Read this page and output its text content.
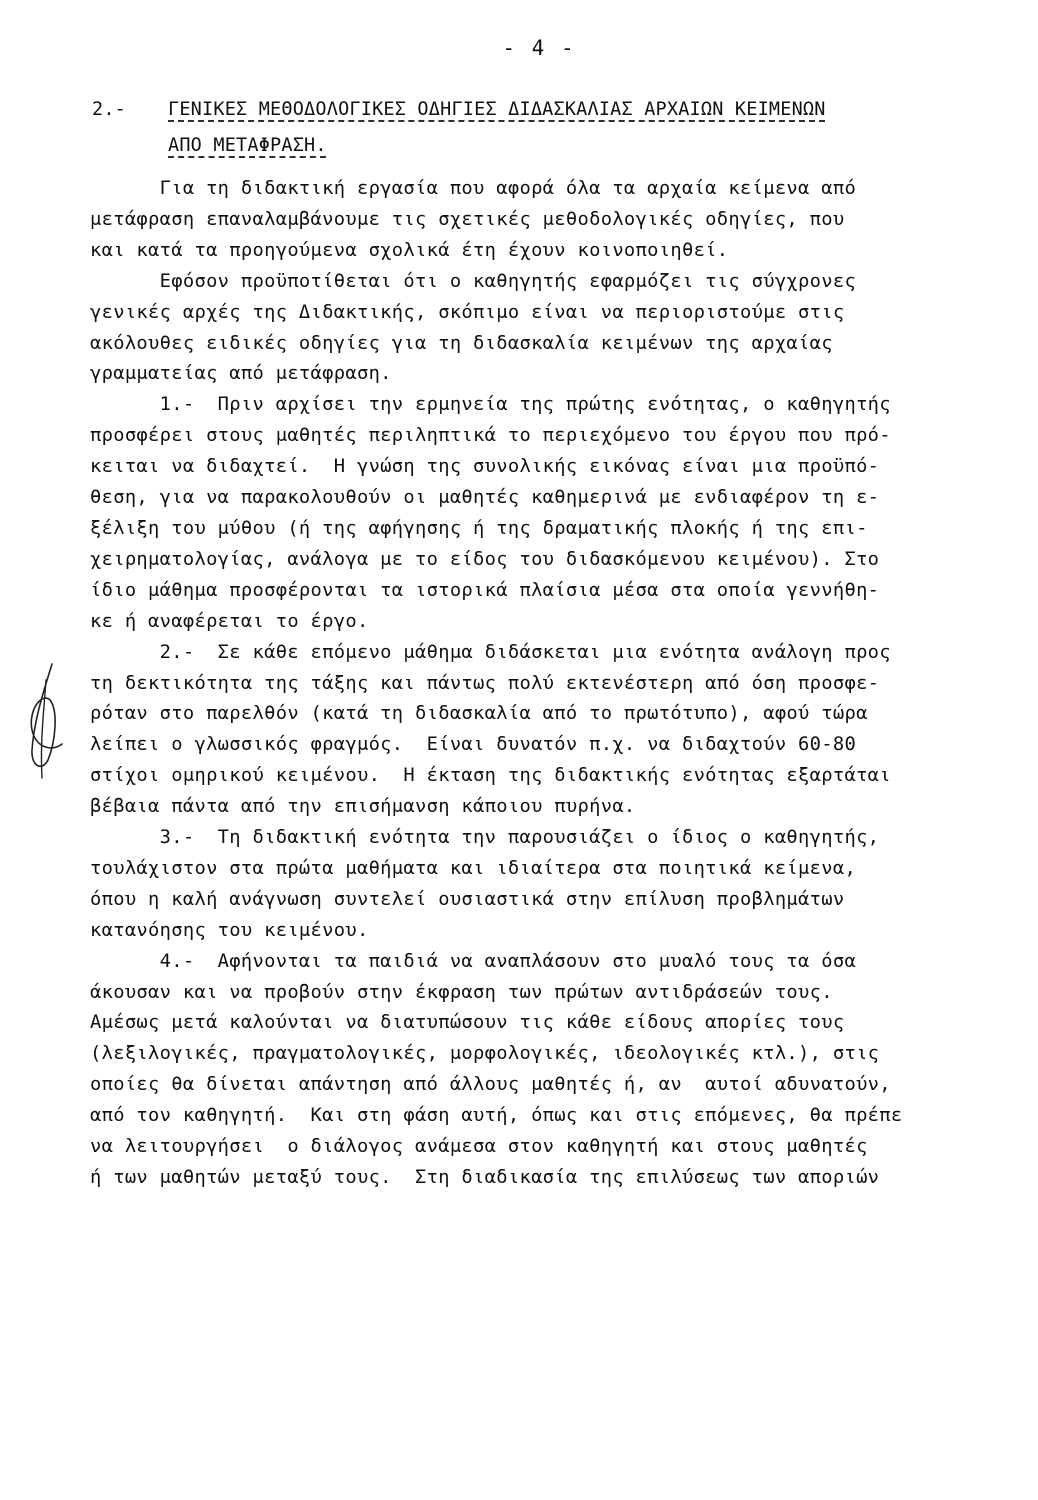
- 4 -
2.- ΓΕΝΙΚΕΣ ΜΕΘΟΔΟΛΟΓΙΚΕΣ ΟΔΗΓΙΕΣ ΔΙΔΑΣΚΑΛΙΑΣ ΑΡΧΑΙΩΝ ΚΕΙΜΕΝΩΝ
ΑΠΟ ΜΕΤΑΦΡΑΣΗ.

Για τη διδακτική εργασία που αφορά όλα τα αρχαία κείμενα από

μετάφραση επαναλαμβάνουμε τις σχετικές μεθοδολογικές οδηγίες, που

και κατά τα προηγούμενα σχολικά έτη έχουν κοινοποιηθεί.

Εφόσον προϋποτίθεται ότι ο καθηγητής εφαρμόζει τις σύγχρονες

γενικές αρχές της Διδακτικής, σκόπιμο είναι να περιοριστούμε στις

ακόλουθες ειδικές οδηγίες για τη διδασκαλία κειμένων της αρχαίας

γραμματείας από μετάφραση.

1.-  Πριν αρχίσει την ερμηνεία της πρώτης ενότητας, ο καθηγητής

προσφέρει στους μαθητές περιληπτικά το περιεχόμενο του έργου που πρό-

κειται να διδαχτεί.  Η γνώση της συνολικής εικόνας είναι μια προϋπό-

θεση, για να παρακολουθούν οι μαθητές καθημερινά με ενδιαφέρον τη ε-

ξέλιξη του μύθου (ή της αφήγησης ή της δραματικής πλοκής ή της επι-

χειρηματολογίας, ανάλογα με το είδος του διδασκόμενου κειμένου). Στο

ίδιο μάθημα προσφέρονται τα ιστορικά πλαίσια μέσα στα οποία γεννήθη-

κε ή αναφέρεται το έργο.

2.-  Σε κάθε επόμενο μάθημα διδάσκεται μια ενότητα ανάλογη προς

τη δεκτικότητα της τάξης και πάντως πολύ εκτενέστερη από όση προσφε-

ρόταν στο παρελθόν (κατά τη διδασκαλία από το πρωτότυπο), αφού τώρα

λείπει ο γλωσσικός φραγμός.  Είναι δυνατόν π.χ. να διδαχτούν 60-80

στίχοι ομηρικού κειμένου.  Η έκταση της διδακτικής ενότητας εξαρτάται

βέβαια πάντα από την επισήμανση κάποιου πυρήνα.

3.-  Τη διδακτική ενότητα την παρουσιάζει ο ίδιος ο καθηγητής,

τουλάχιστον στα πρώτα μαθήματα και ιδιαίτερα στα ποιητικά κείμενα,

όπου η καλή ανάγνωση συντελεί ουσιαστικά στην επίλυση προβλημάτων

κατανόησης του κειμένου.

4.-  Αφήνονται τα παιδιά να αναπλάσουν στο μυαλό τους τα όσα

άκουσαν και να προβούν στην έκφραση των πρώτων αντιδράσεών τους.

Αμέσως μετά καλούνται να διατυπώσουν τις κάθε είδους απορίες τους

(λεξιλογικές, πραγματολογικές, μορφολογικές, ιδεολογικές κτλ.), στις

οποίες θα δίνεται απάντηση από άλλους μαθητές ή, αν  αυτοί αδυνατούν,

από τον καθηγητή.  Και στη φάση αυτή, όπως και στις επόμενες, θα πρέπε

να λειτουργήσει  ο διάλογος ανάμεσα στον καθηγητή και στους μαθητές

ή των μαθητών μεταξύ τους.  Στη διαδικασία της επιλύσεως των αποριών
